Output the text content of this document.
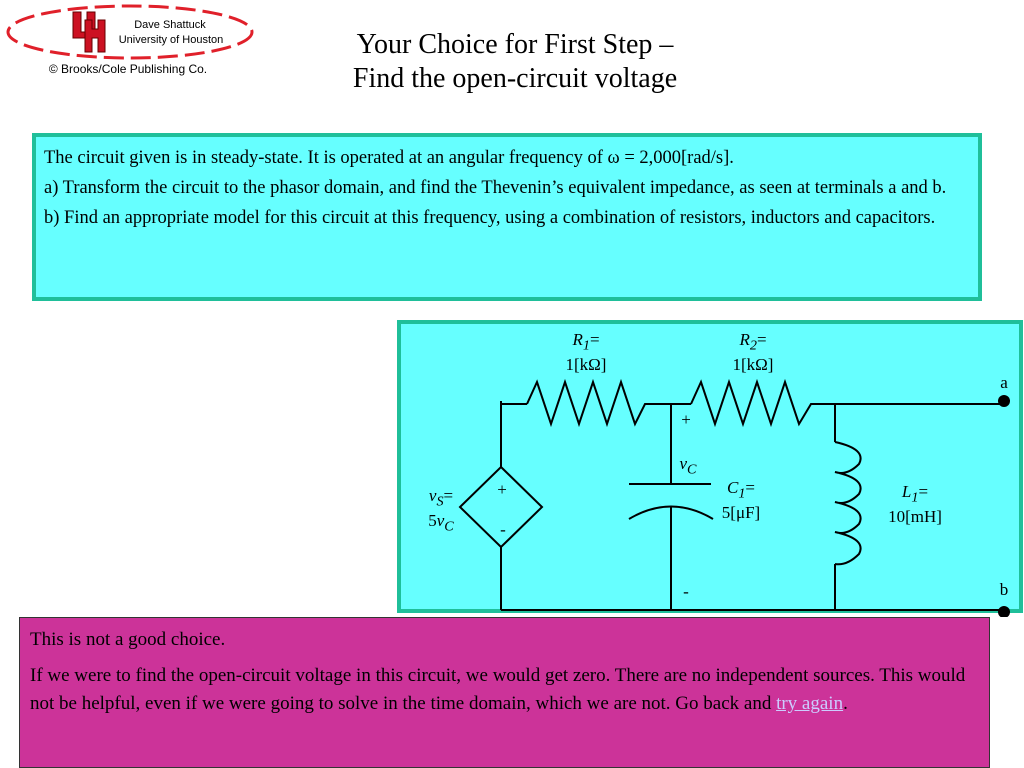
Dave Shattuck
University of Houston
© Brooks/Cole Publishing Co.
Your Choice for First Step –
Find the open-circuit voltage

The circuit given is in steady-state. It is operated at an angular frequency of ω = 2,000[rad/s].

a) Transform the circuit to the phasor domain, and find the Thevenin’s equivalent impedance, as seen at terminals a and b.

b) Find an appropriate model for this circuit at this frequency, using a combination of resistors, inductors and capacitors.

$R_1=$
1[kΩ]
$R_2=$
1[kΩ]
a
b
+
$v_C$
-
$C_1=$
5[μF]
$L_1=$
10[mH]
+
-
$v_S=$
$5v_C$

This is not a good choice.

If we were to find the open-circuit voltage in this circuit, we would get zero. There are no independent sources. This would not be helpful, even if we were going to solve in the time domain, which we are not. Go back and try again.
